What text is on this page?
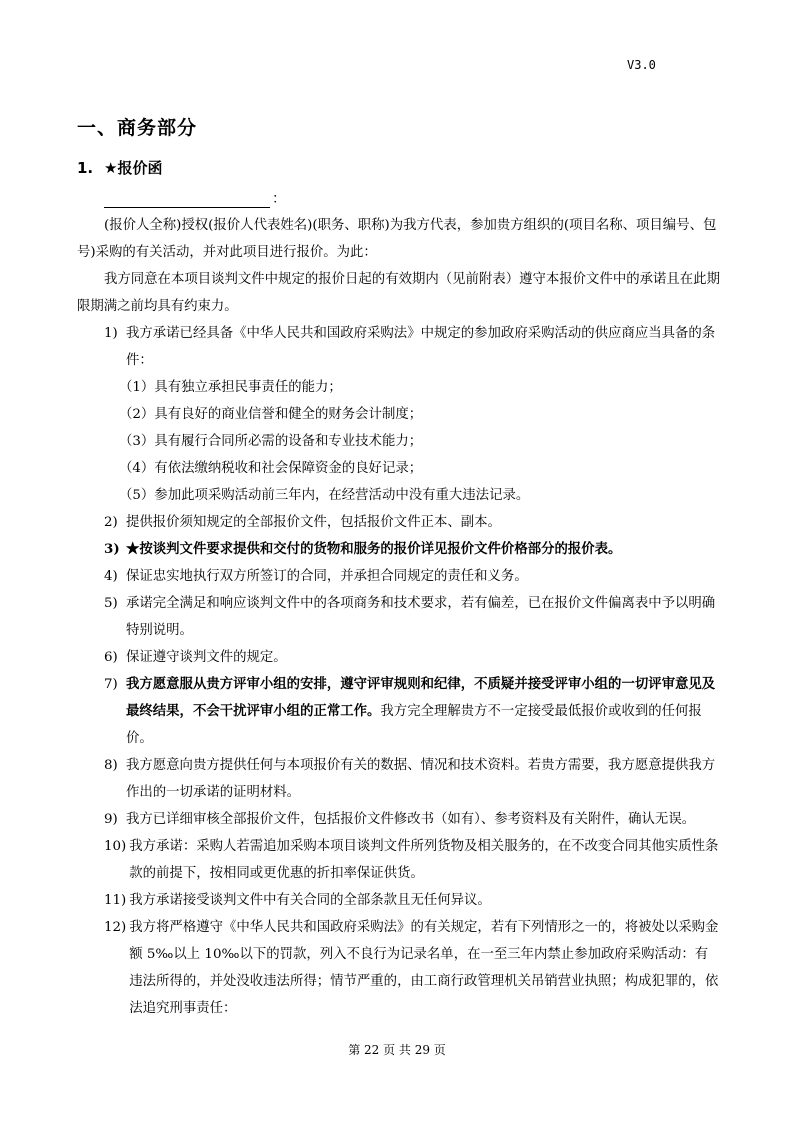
V3.0
一、商务部分
1. ★报价函
：

(报价人全称)授权(报价人代表姓名)(职务、职称)为我方代表，参加贵方组织的(项目名称、项目编号、包号)采购的有关活动，并对此项目进行报价。为此：

我方同意在本项目谈判文件中规定的报价日起的有效期内（见前附表）遵守本报价文件中的承诺且在此期限期满之前均具有约束力。

1) 我方承诺已经具备《中华人民共和国政府采购法》中规定的参加政府采购活动的供应商应当具备的条件：
（1）具有独立承担民事责任的能力；
（2）具有良好的商业信誉和健全的财务会计制度；
（3）具有履行合同所必需的设备和专业技术能力；
（4）有依法缴纳税收和社会保障资金的良好记录；
（5）参加此项采购活动前三年内，在经营活动中没有重大违法记录。
2) 提供报价须知规定的全部报价文件，包括报价文件正本、副本。
3) ★按谈判文件要求提供和交付的货物和服务的报价详见报价文件价格部分的报价表。
4) 保证忠实地执行双方所签订的合同，并承担合同规定的责任和义务。
5) 承诺完全满足和响应谈判文件中的各项商务和技术要求，若有偏差，已在报价文件偏离表中予以明确特别说明。
6) 保证遵守谈判文件的规定。
7) 我方愿意服从贵方评审小组的安排，遵守评审规则和纪律，不质疑并接受评审小组的一切评审意见及最终结果，不会干扰评审小组的正常工作。我方完全理解贵方不一定接受最低报价或收到的任何报价。
8) 我方愿意向贵方提供任何与本项报价有关的数据、情况和技术资料。若贵方需要，我方愿意提供我方作出的一切承诺的证明材料。
9) 我方已详细审核全部报价文件，包括报价文件修改书（如有）、参考资料及有关附件，确认无误。
10) 我方承诺：采购人若需追加采购本项目谈判文件所列货物及相关服务的，在不改变合同其他实质性条款的前提下，按相同或更优惠的折扣率保证供货。
11) 我方承诺接受谈判文件中有关合同的全部条款且无任何异议。
12) 我方将严格遵守《中华人民共和国政府采购法》的有关规定，若有下列情形之一的，将被处以采购金额 5‰以上 10‰以下的罚款，列入不良行为记录名单，在一至三年内禁止参加政府采购活动：有违法所得的，并处没收违法所得；情节严重的，由工商行政管理机关吊销营业执照；构成犯罪的，依法追究刑事责任：
第 22 页 共 29 页
